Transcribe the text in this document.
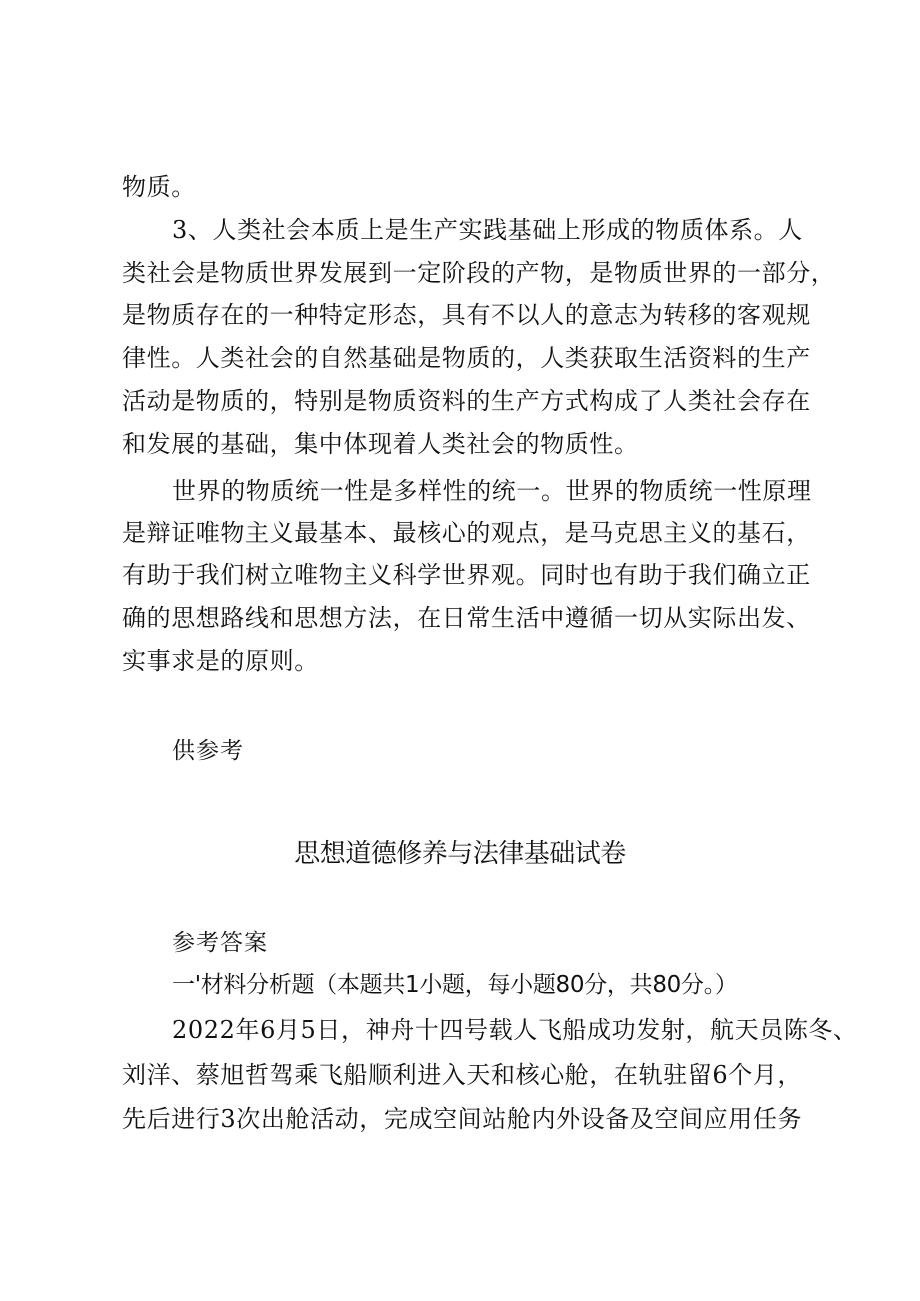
物质。
3、人类社会本质上是生产实践基础上形成的物质体系。人
类社会是物质世界发展到一定阶段的产物，是物质世界的一部分，
是物质存在的一种特定形态，具有不以人的意志为转移的客观规
律性。人类社会的自然基础是物质的，人类获取生活资料的生产
活动是物质的，特别是物质资料的生产方式构成了人类社会存在
和发展的基础，集中体现着人类社会的物质性。
世界的物质统一性是多样性的统一。世界的物质统一性原理
是辩证唯物主义最基本、最核心的观点，是马克思主义的基石，
有助于我们树立唯物主义科学世界观。同时也有助于我们确立正
确的思想路线和思想方法，在日常生活中遵循一切从实际出发、
实事求是的原则。
供参考
思想道德修养与法律基础试卷
参考答案
一'材料分析题（本题共1小题，每小题80分，共80分。）
2022年6月5日，神舟十四号载人飞船成功发射，航天员陈冬、
刘洋、蔡旭哲驾乘飞船顺利进入天和核心舱，在轨驻留6个月，
先后进行3次出舱活动，完成空间站舱内外设备及空间应用任务
